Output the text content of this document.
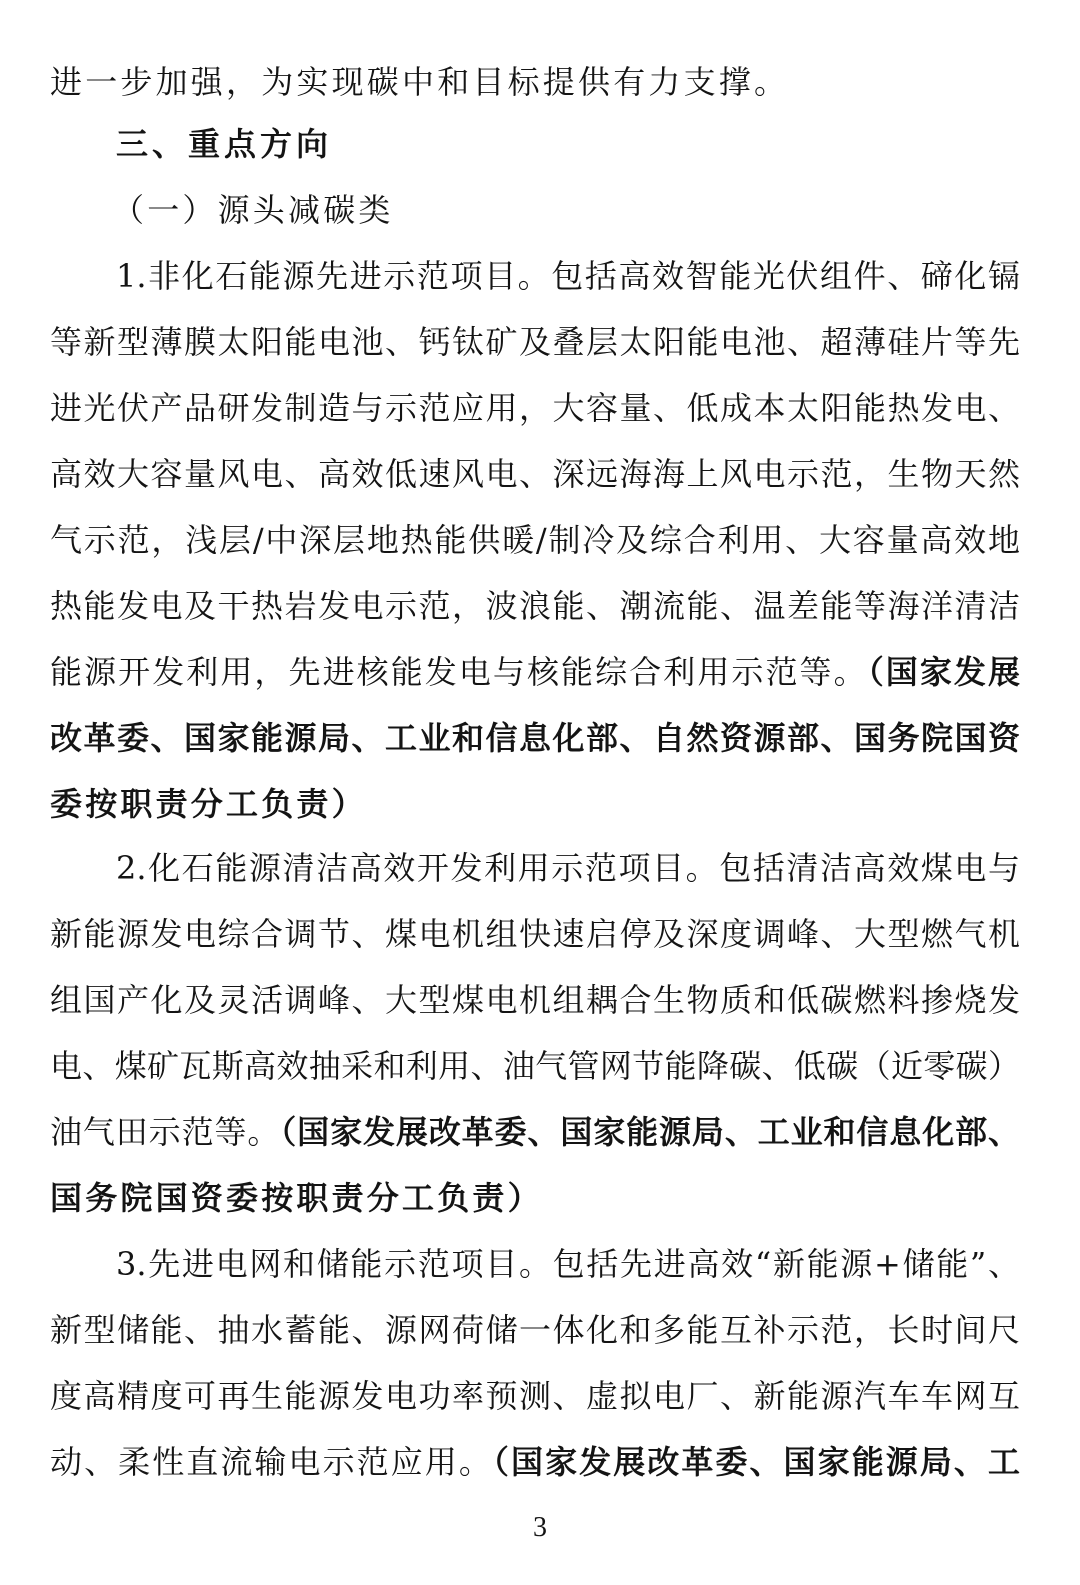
进一步加强，为实现碳中和目标提供有力支撑。
三、重点方向
（一）源头减碳类
1.非化石能源先进示范项目。包括高效智能光伏组件、碲化镉
等新型薄膜太阳能电池、钙钛矿及叠层太阳能电池、超薄硅片等先
进光伏产品研发制造与示范应用，大容量、低成本太阳能热发电、
高效大容量风电、高效低速风电、深远海海上风电示范，生物天然
气示范，浅层/中深层地热能供暖/制冷及综合利用、大容量高效地
热能发电及干热岩发电示范，波浪能、潮流能、温差能等海洋清洁
能源开发利用，先进核能发电与核能综合利用示范等。（国家发展
改革委、国家能源局、工业和信息化部、自然资源部、国务院国资
委按职责分工负责）
2.化石能源清洁高效开发利用示范项目。包括清洁高效煤电与
新能源发电综合调节、煤电机组快速启停及深度调峰、大型燃气机
组国产化及灵活调峰、大型煤电机组耦合生物质和低碳燃料掺烧发
电、煤矿瓦斯高效抽采和利用、油气管网节能降碳、低碳（近零碳）
油气田示范等。（国家发展改革委、国家能源局、工业和信息化部、
国务院国资委按职责分工负责）
3.先进电网和储能示范项目。包括先进高效“新能源+储能”、
新型储能、抽水蓄能、源网荷储一体化和多能互补示范，长时间尺
度高精度可再生能源发电功率预测、虚拟电厂、新能源汽车车网互
动、柔性直流输电示范应用。（国家发展改革委、国家能源局、工
3
